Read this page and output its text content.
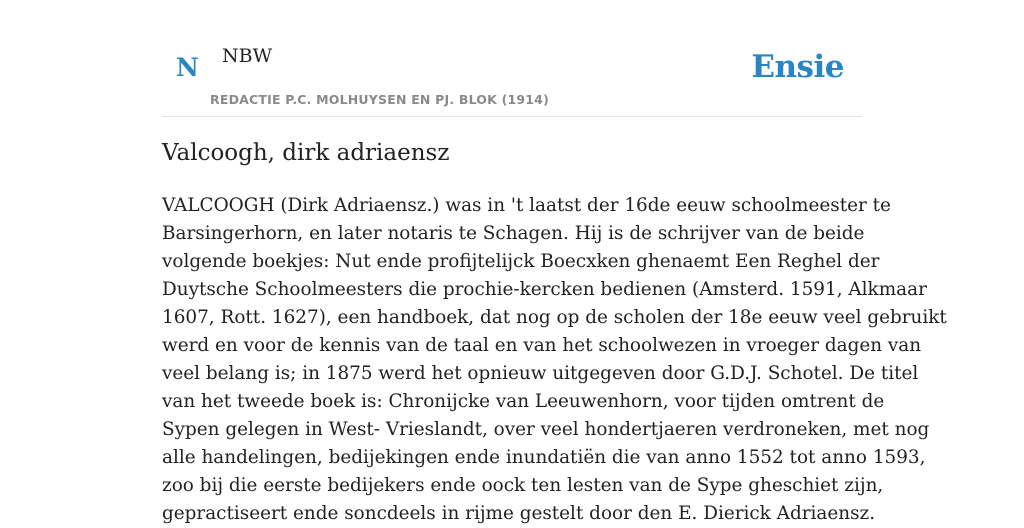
N NBW
REDACTIE P.C. MOLHUYSEN EN PJ. BLOK (1914)
Ensie
Valcoogh, dirk adriaensz

VALCOOGH (Dirk Adriaensz.) was in 't laatst der 16de eeuw schoolmeester te
Barsingerhorn, en later notaris te Schagen. Hij is de schrijver van de beide
volgende boekjes: Nut ende profijtelijck Boecxken ghenaemt Een Reghel der
Duytsche Schoolmeesters die prochie-kercken bedienen (Amsterd. 1591, Alkmaar
1607, Rott. 1627), een handboek, dat nog op de scholen der 18e eeuw veel gebruikt
werd en voor de kennis van de taal en van het schoolwezen in vroeger dagen van
veel belang is; in 1875 werd het opnieuw uitgegeven door G.D.J. Schotel. De titel
van het tweede boek is: Chronijcke van Leeuwenhorn, voor tijden omtrent de
Sypen gelegen in West- Vrieslandt, over veel hondertjaeren verdroneken, met nog
alle handelingen, bedijekingen ende inundatiën die van anno 1552 tot anno 1593,
zoo bij die eerste bedijekers ende oock ten lesten van de Sype gheschiet zijn,
gepractiseert ende soncdeels in rijme gestelt door den E. Dierick Adriaensz.
